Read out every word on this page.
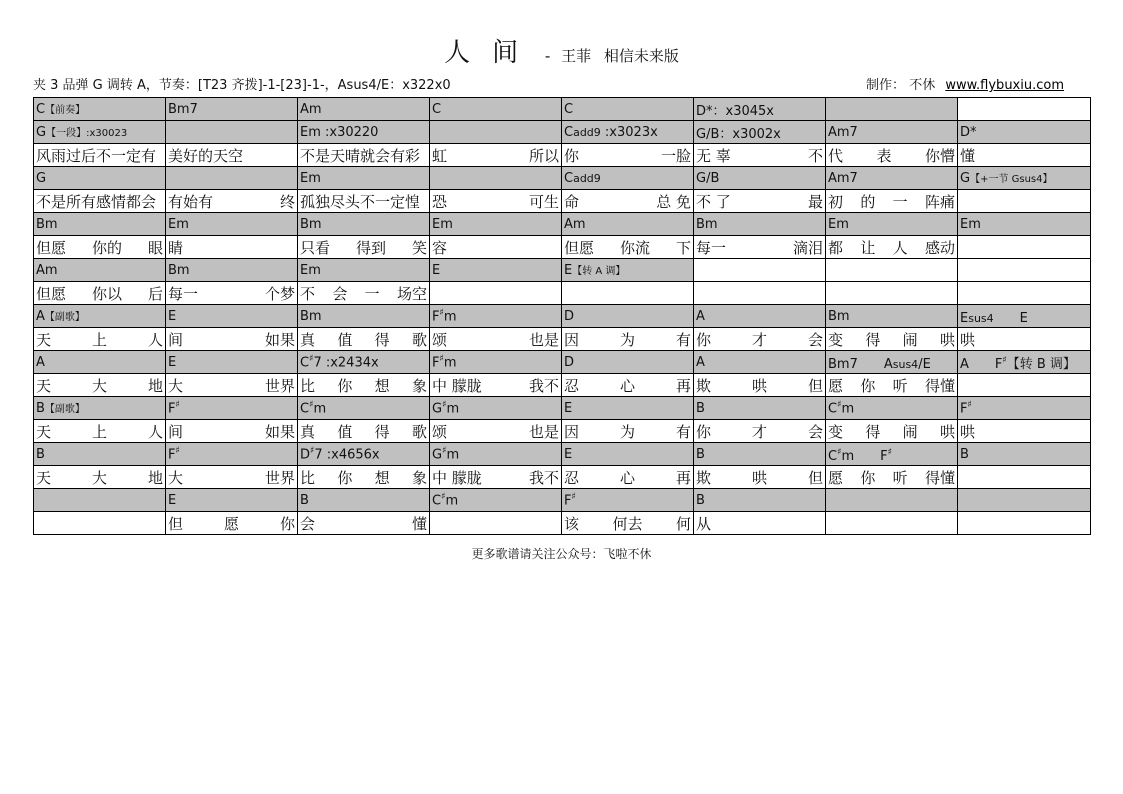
人间 - 王菲 相信未来版
夹 3 品弹 G 调转 A，节奏：[T23 齐拨]-1-[23]-1-，Asus4/E：x322x0	制作： 不休 www.flybuxiu.com
C【前奏】	Bm7	Am	C	C	D*：x3045x		
G【一段】:x30023		Em :x30220		Cadd9 :x3023x	G/B：x3002x	Am7	D*
风雨过后不一定有	美好的天空	不是天晴就会有彩	虹 所以	你 一脸	无 辜 不	代 表 你懵	懂
G		Em		Cadd9	G/B	Am7	G【+一节 Gsus4】
不是所有感情都会	有始有 终	孤独尽头不一定惶	恐 可生	命 总 免	不 了 最	初 的 一 阵痛	

Bm	Em	Bm	Em	Am	Bm	Em	Em

但愿 你的 眼	睛	只看 得到 笑	容	但愿 你流 下	每一 滴泪	都 让 人 感动	

Am	Bm	Em	E	E【转 A 调】			

但愿 你以 后	每一 个梦	不 会 一 场空					

A【副歌】	E	Bm	F♯m	D	A	Bm	Esus4　　E

天 上 人	间 如果	真 值 得 歌	颂 也是	因 为 有	你 才 会	变 得 闹 哄	哄
A	E	C♯7 :x2434x	F♯m	D	A	Bm7　　Asus4/E	A　　F♯【转 B 调】

天 大 地	大 世界	比 你 想 象	中 朦胧 我不	忍 心 再	欺 哄 但	愿 你 听 得懂	

B【副歌】	F♯	C♯m	G♯m	E	B	C♯m	F♯

天 上 人	间 如果	真 值 得 歌	颂 也是	因 为 有	你 才 会	变 得 闹 哄	哄
B	F♯	D♯7 :x4656x	G♯m	E	B	C♯m　　F♯	B

天 大 地	大 世界	比 你 想 象	中 朦胧 我不	忍 心 再	欺 哄 但	愿 你 听 得懂	

	E	B	C♯m	F♯	B		

	但 愿 你	会 懂		该 何去 何	从		
更多歌谱请关注公众号：飞啦不休
